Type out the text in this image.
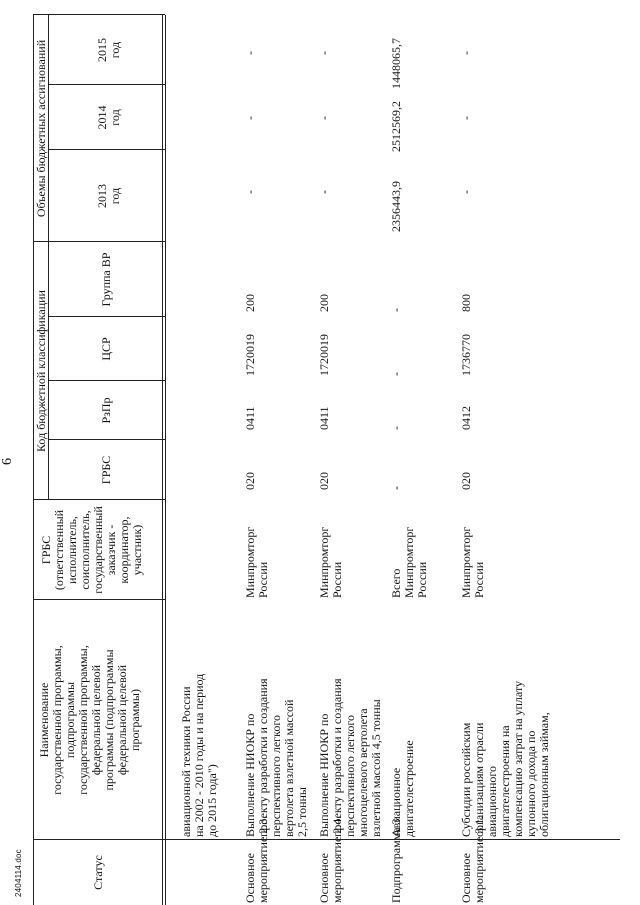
2404114.doc
6
Статус
Наименование государственной программы, подпрограммы государственной программы, федеральной целевой программы (подпрограммы федеральной целевой программы)
ГРБС (ответственный исполнитель, соисполнитель, государственный заказчик - координатор, участник)
Код бюджетной классификации
ГРБС
РзПр
ЦСР
Группа ВР
Объемы бюджетных ассигнований	2013 год
2014 год
2015 год
авиационной техники России на 2002 - 2010 годы и на период до 2015 года")
Основное мероприятие 2.3.
Выполнение НИОКР по проекту разработки и создания перспективного легкого вертолета взлетной массой 2,5 тонны
Минпромторг России
020
0411
1720019
200
-
-
-
Основное мероприятие 2.4.
Выполнение НИОКР по проекту разработки и создания перспективного легкого многоцелевого вертолета взлетной массой 4,5 тонны
Минпромторг России
020
0411
1720019
200
-
-
-
Подпрограмма 3
Авиационное двигателестроение
Всего Минпромторг России
-
-
-
-
2356443,9
2512569,2
1448065,7
Основное мероприятие 3.1.
Субсидии российским организациям отрасли авиационного двигателестроения на компенсацию затрат на уплату купонного дохода по облигационным займам,
Минпромторг России
020
0412
1736770
800
-
-
-
